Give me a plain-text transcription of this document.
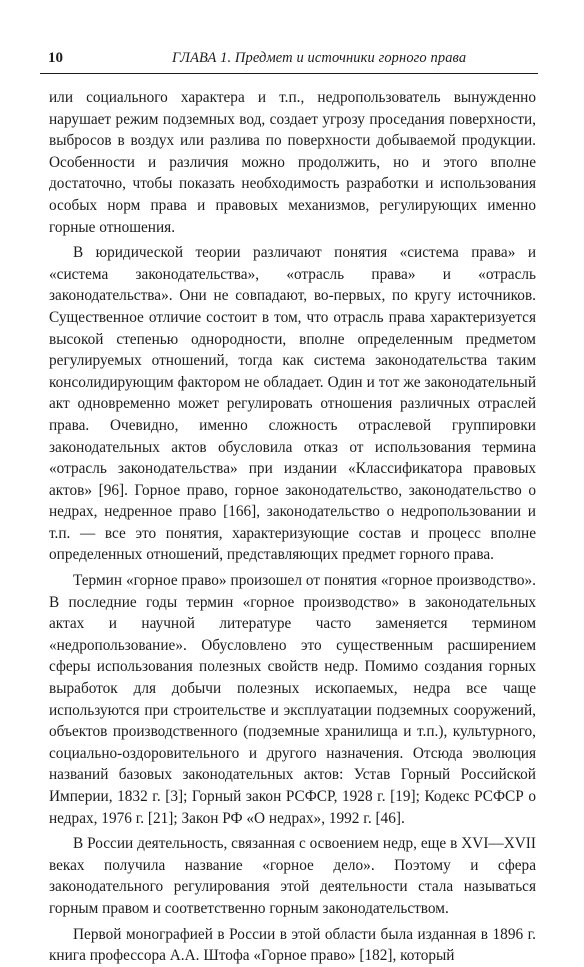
10	ГЛАВА 1. Предмет и источники горного права

или социального характера и т.п., недропользователь вынужденно нарушает режим подземных вод, создает угрозу проседания поверхности, выбросов в воздух или разлива по поверхности добываемой продукции. Особенности и различия можно продолжить, но и этого вполне достаточно, чтобы показать необходимость разработки и использования особых норм права и правовых механизмов, регулирующих именно горные отношения.

В юридической теории различают понятия «система права» и «система законодательства», «отрасль права» и «отрасль законодательства». Они не совпадают, во-первых, по кругу источников. Существенное отличие состоит в том, что отрасль права характеризуется высокой степенью однородности, вполне определенным предметом регулируемых отношений, тогда как система законодательства таким консолидирующим фактором не обладает. Один и тот же законодательный акт одновременно может регулировать отношения различных отраслей права. Очевидно, именно сложность отраслевой группировки законодательных актов обусловила отказ от использования термина «отрасль законодательства» при издании «Классификатора правовых актов» [96]. Горное право, горное законодательство, законодательство о недрах, недренное право [166], законодательство о недропользовании и т.п. — все это понятия, характеризующие состав и процесс вполне определенных отношений, представляющих предмет горного права.

Термин «горное право» произошел от понятия «горное производство». В последние годы термин «горное производство» в законодательных актах и научной литературе часто заменяется термином «недропользование». Обусловлено это существенным расширением сферы использования полезных свойств недр. Помимо создания горных выработок для добычи полезных ископаемых, недра все чаще используются при строительстве и эксплуатации подземных сооружений, объектов производственного (подземные хранилища и т.п.), культурного, социально-оздоровительного и другого назначения. Отсюда эволюция названий базовых законодательных актов: Устав Горный Российской Империи, 1832 г. [3]; Горный закон РСФСР, 1928 г. [19]; Кодекс РСФСР о недрах, 1976 г. [21]; Закон РФ «О недрах», 1992 г. [46].

В России деятельность, связанная с освоением недр, еще в XVI—XVII веках получила название «горное дело». Поэтому и сфера законодательного регулирования этой деятельности стала называться горным правом и соответственно горным законодательством.

Первой монографией в России в этой области была изданная в 1896 г. книга профессора А.А. Штофа «Горное право» [182], который
